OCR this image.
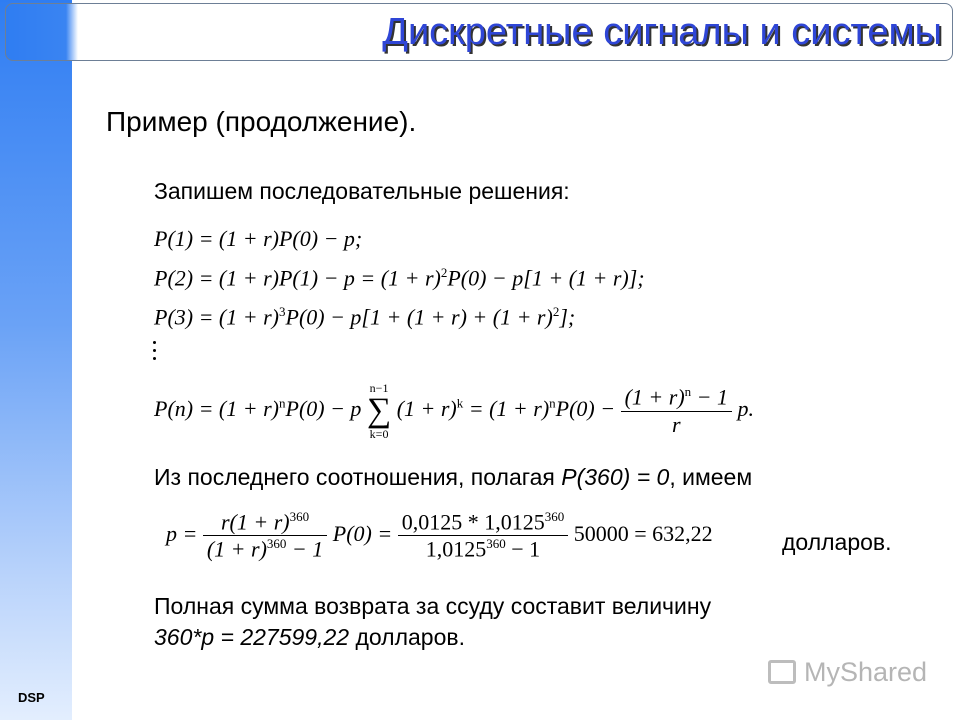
DSP
Дискретные сигналы и системы
Пример (продолжение).
Запишем последовательные решения:
P(1) = (1 + r)P(0) − p;
$P(2) = (1 + r)P(1) - p = (1 + r)^2P(0) - p[1 + (1 + r)]$;
$P(3) = (1 + r)^3P(0) - p[1 + (1 + r) + (1 + r)^2]$;
$P(n) = (1 + r)^nP(0) - p$
n−1
∑
k=0
$(1 + r)^k = (1 + r)^nP(0) - \frac{(1 + r)^n - 1}{r} p$.
Из последнего соотношения, полагая P(360) = 0, имеем
$p = \frac{r(1 + r)^{360}}{(1 + r)^{360} - 1} P(0) = \frac{0,0125 * 1,0125^{360}}{1,0125^{360} - 1} 50000 = 632,22$	долларов.
Полная сумма возврата за ссуду составит величину
360*p = 227599,22 долларов.
MyShared
